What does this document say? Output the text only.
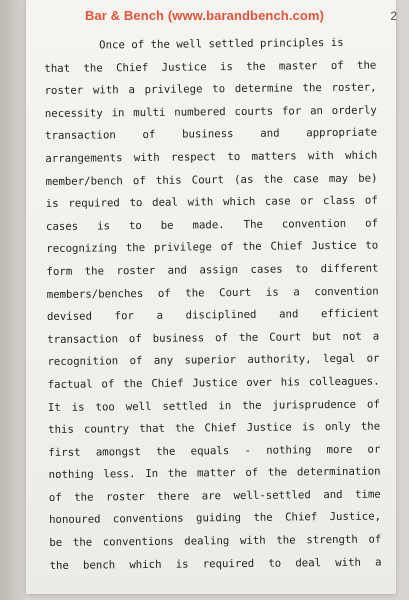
Once of the well settled principles is
that the Chief Justice is the master of the
roster with a privilege to determine the roster,
necessity in multi numbered courts for an orderly
transaction of business and appropriate
arrangements with respect to matters with which
member/bench of this Court (as the case may be)
is required to deal with which case or class of
cases is to be made. The convention of
recognizing the privilege of the Chief Justice to
form the roster and assign cases to different
members/benches of the Court is a convention
devised for a disciplined and efficient
transaction of business of the Court but not a
recognition of any superior authority, legal or
factual of the Chief Justice over his colleagues.
It is too well settled in the jurisprudence of
this country that the Chief Justice is only the
first amongst the equals - nothing more or
nothing less. In the matter of the determination
of the roster there are well-settled and time
honoured conventions guiding the Chief Justice,
be the conventions dealing with the strength of
the bench which is required to deal with a
Bar & Bench (www.barandbench.com)	2
